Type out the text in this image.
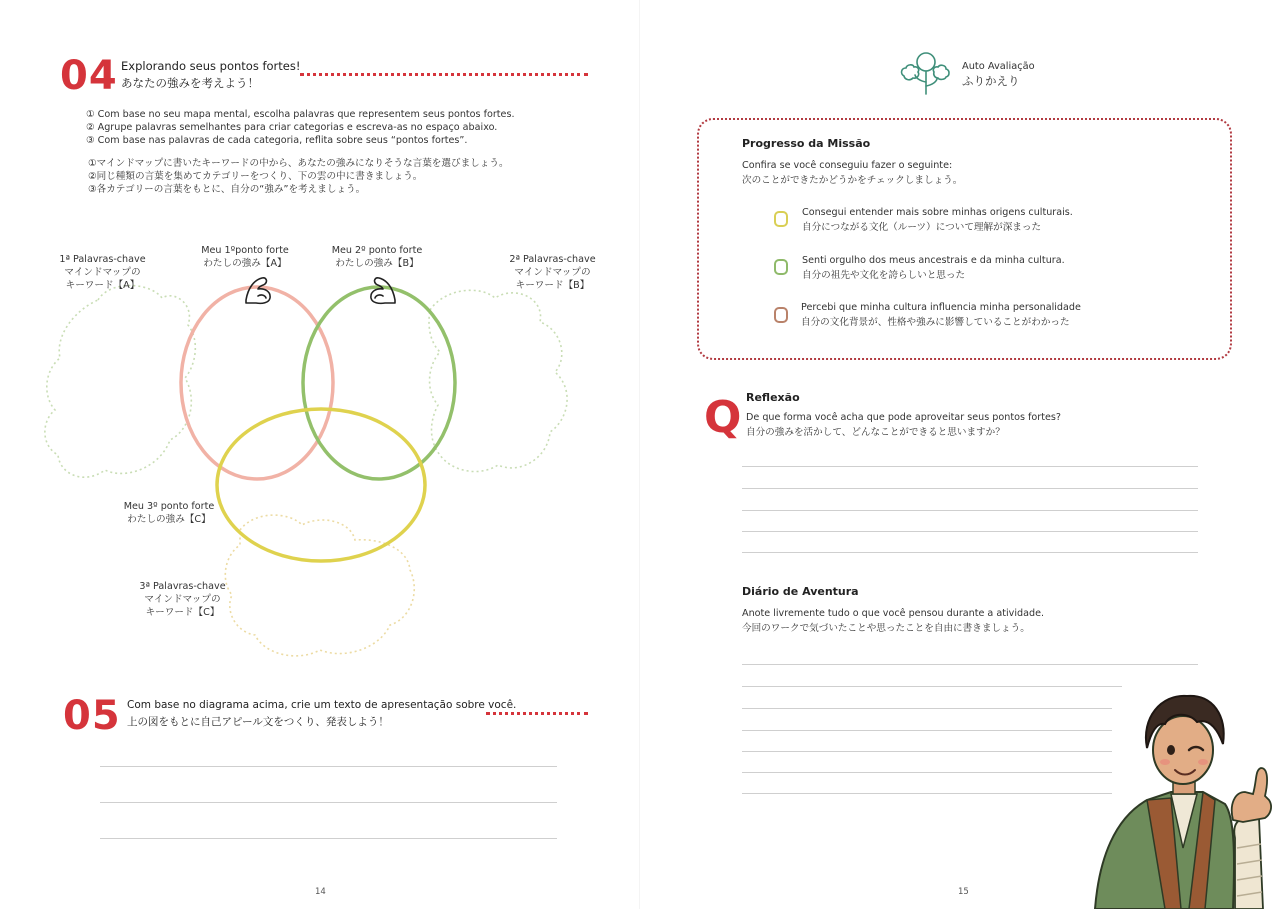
04 Explorando seus pontos fortes!
あなたの強みを考えよう！
① Com base no seu mapa mental, escolha palavras que representem seus pontos fortes.
② Agrupe palavras semelhantes para criar categorias e escreva-as no espaço abaixo.
③ Com base nas palavras de cada categoria, reflita sobre seus “pontos fortes”.
①マインドマップに書いたキーワードの中から、あなたの強みになりそうな言葉を選びましょう。
②同じ種類の言葉を集めてカテゴリーをつくり、下の雲の中に書きましょう。
③各カテゴリーの言葉をもとに、自分の“強み”を考えましょう。
1ª Palavras-chave
マインドマップの
キーワード【A】
2ª Palavras-chave
マインドマップの
キーワード【B】
3ª Palavras-chave
マインドマップの
キーワード【C】
Meu 1ºponto forte
わたしの強み【A】
Meu 2º ponto forte
わたしの強み【B】
Meu 3º ponto forte
わたしの強み【C】
05 Com base no diagrama acima, crie um texto de apresentação sobre você.
上の図をもとに自己アピール文をつくり、発表しよう！
14
Auto Avaliação
ふりかえり
Progresso da Missão
Confira se você conseguiu fazer o seguinte:
次のことができたかどうかをチェックしましょう。
Consegui entender mais sobre minhas origens culturais.
自分につながる文化（ルーツ）について理解が深まった
Senti orgulho dos meus ancestrais e da minha cultura.
自分の祖先や文化を誇らしいと思った
Percebi que minha cultura influencia minha personalidade
自分の文化背景が、性格や強みに影響していることがわかった
Q Reflexão
De que forma você acha que pode aproveitar seus pontos fortes?
自分の強みを活かして、どんなことができると思いますか？
Diário de Aventura
Anote livremente tudo o que você pensou durante a atividade.
今回のワークで気づいたことや思ったことを自由に書きましょう。
15
